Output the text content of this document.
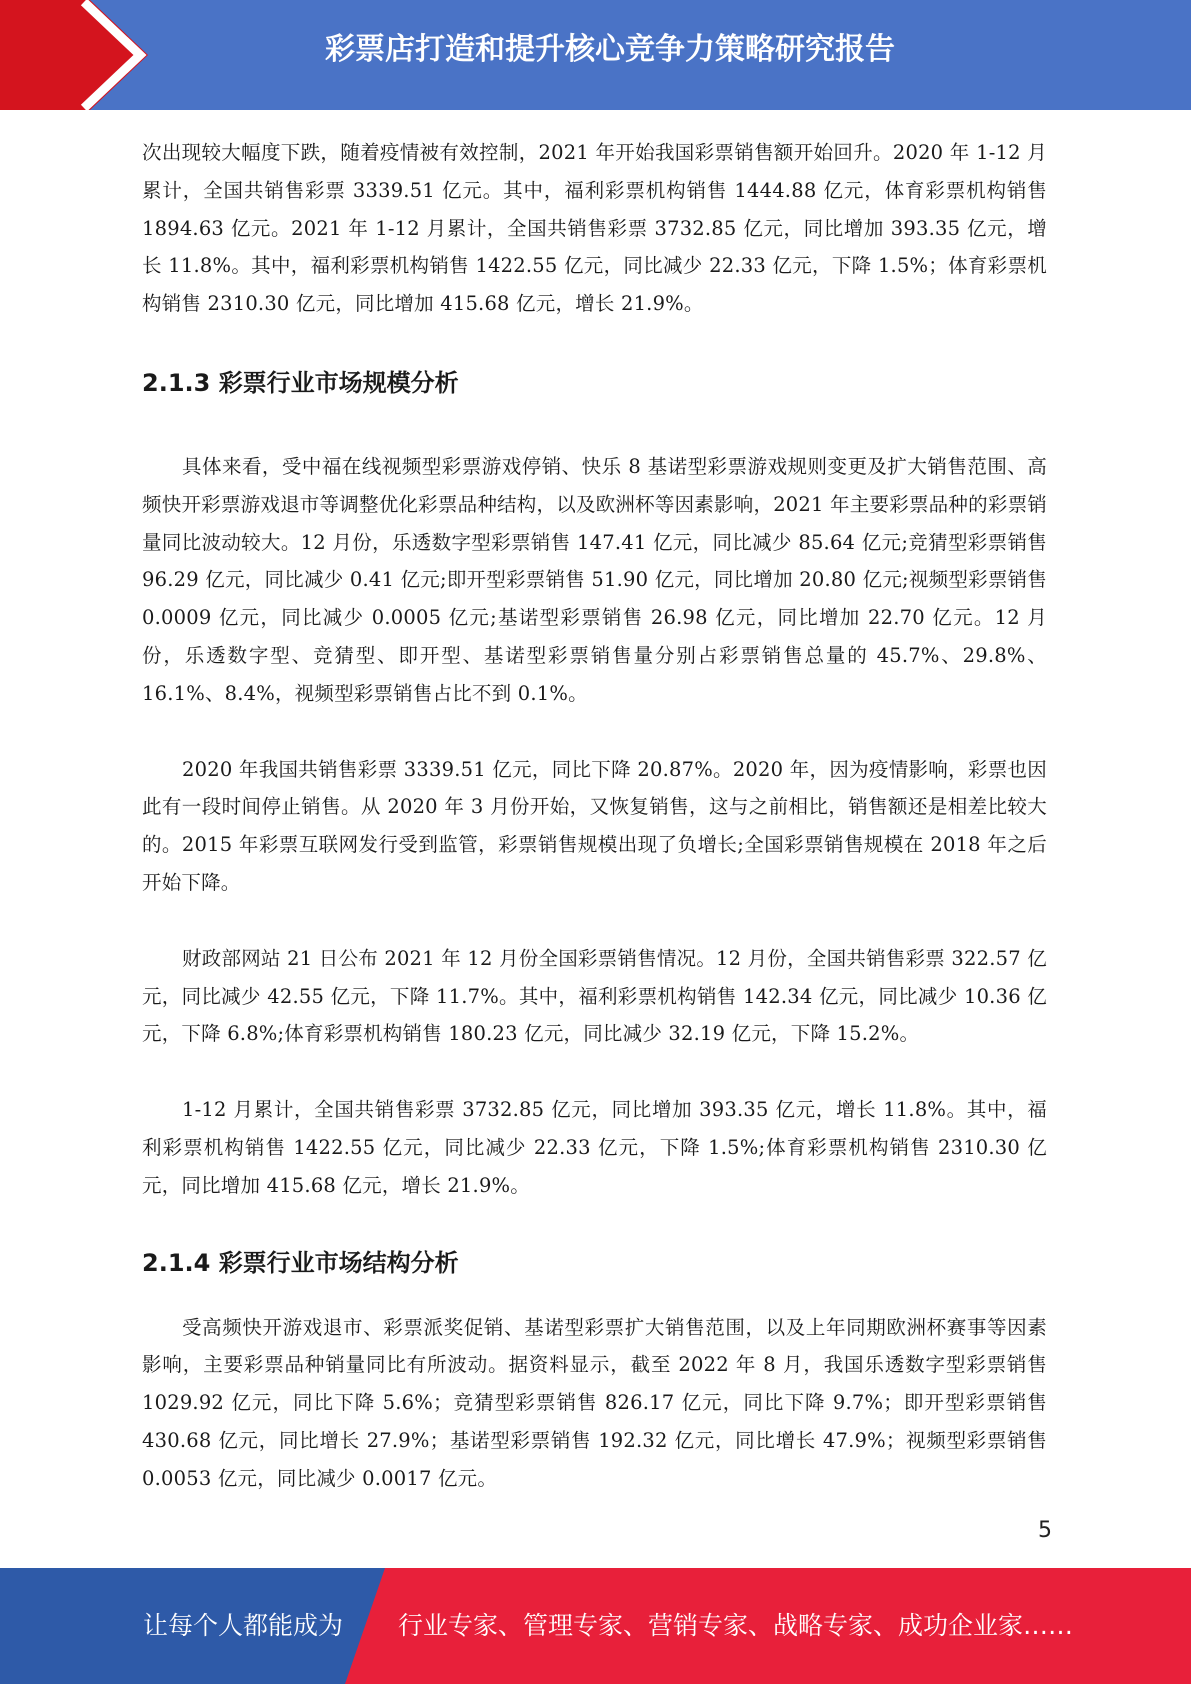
彩票店打造和提升核心竞争力策略研究报告

次出现较大幅度下跌，随着疫情被有效控制，2021 年开始我国彩票销售额开始回升。2020 年 1-12 月累计，全国共销售彩票 3339.51 亿元。其中，福利彩票机构销售 1444.88 亿元，体育彩票机构销售 1894.63 亿元。2021 年 1-12 月累计，全国共销售彩票 3732.85 亿元，同比增加 393.35 亿元，增长 11.8%。其中，福利彩票机构销售 1422.55 亿元，同比减少 22.33 亿元，下降 1.5%；体育彩票机构销售 2310.30 亿元，同比增加 415.68 亿元，增长 21.9%。

2.1.3 彩票行业市场规模分析

具体来看，受中福在线视频型彩票游戏停销、快乐 8 基诺型彩票游戏规则变更及扩大销售范围、高频快开彩票游戏退市等调整优化彩票品种结构，以及欧洲杯等因素影响，2021 年主要彩票品种的彩票销量同比波动较大。12 月份，乐透数字型彩票销售 147.41 亿元，同比减少 85.64 亿元;竞猜型彩票销售 96.29 亿元，同比减少 0.41 亿元;即开型彩票销售 51.90 亿元，同比增加 20.80 亿元;视频型彩票销售 0.0009 亿元，同比减少 0.0005 亿元;基诺型彩票销售 26.98 亿元，同比增加 22.70 亿元。12 月份，乐透数字型、竞猜型、即开型、基诺型彩票销售量分别占彩票销售总量的 45.7%、29.8%、16.1%、8.4%，视频型彩票销售占比不到 0.1%。

2020 年我国共销售彩票 3339.51 亿元，同比下降 20.87%。2020 年，因为疫情影响，彩票也因此有一段时间停止销售。从 2020 年 3 月份开始，又恢复销售，这与之前相比，销售额还是相差比较大的。2015 年彩票互联网发行受到监管，彩票销售规模出现了负增长;全国彩票销售规模在 2018 年之后开始下降。

财政部网站 21 日公布 2021 年 12 月份全国彩票销售情况。12 月份，全国共销售彩票 322.57 亿元，同比减少 42.55 亿元，下降 11.7%。其中，福利彩票机构销售 142.34 亿元，同比减少 10.36 亿元，下降 6.8%;体育彩票机构销售 180.23 亿元，同比减少 32.19 亿元，下降 15.2%。

1-12 月累计，全国共销售彩票 3732.85 亿元，同比增加 393.35 亿元，增长 11.8%。其中，福利彩票机构销售 1422.55 亿元，同比减少 22.33 亿元，下降 1.5%;体育彩票机构销售 2310.30 亿元，同比增加 415.68 亿元，增长 21.9%。

2.1.4 彩票行业市场结构分析

受高频快开游戏退市、彩票派奖促销、基诺型彩票扩大销售范围，以及上年同期欧洲杯赛事等因素影响，主要彩票品种销量同比有所波动。据资料显示，截至 2022 年 8 月，我国乐透数字型彩票销售 1029.92 亿元，同比下降 5.6%；竞猜型彩票销售 826.17 亿元，同比下降 9.7%；即开型彩票销售 430.68 亿元，同比增长 27.9%；基诺型彩票销售 192.32 亿元，同比增长 47.9%；视频型彩票销售 0.0053 亿元，同比减少 0.0017 亿元。

5
让每个人都能成为 行业专家、管理专家、营销专家、战略专家、成功企业家……
